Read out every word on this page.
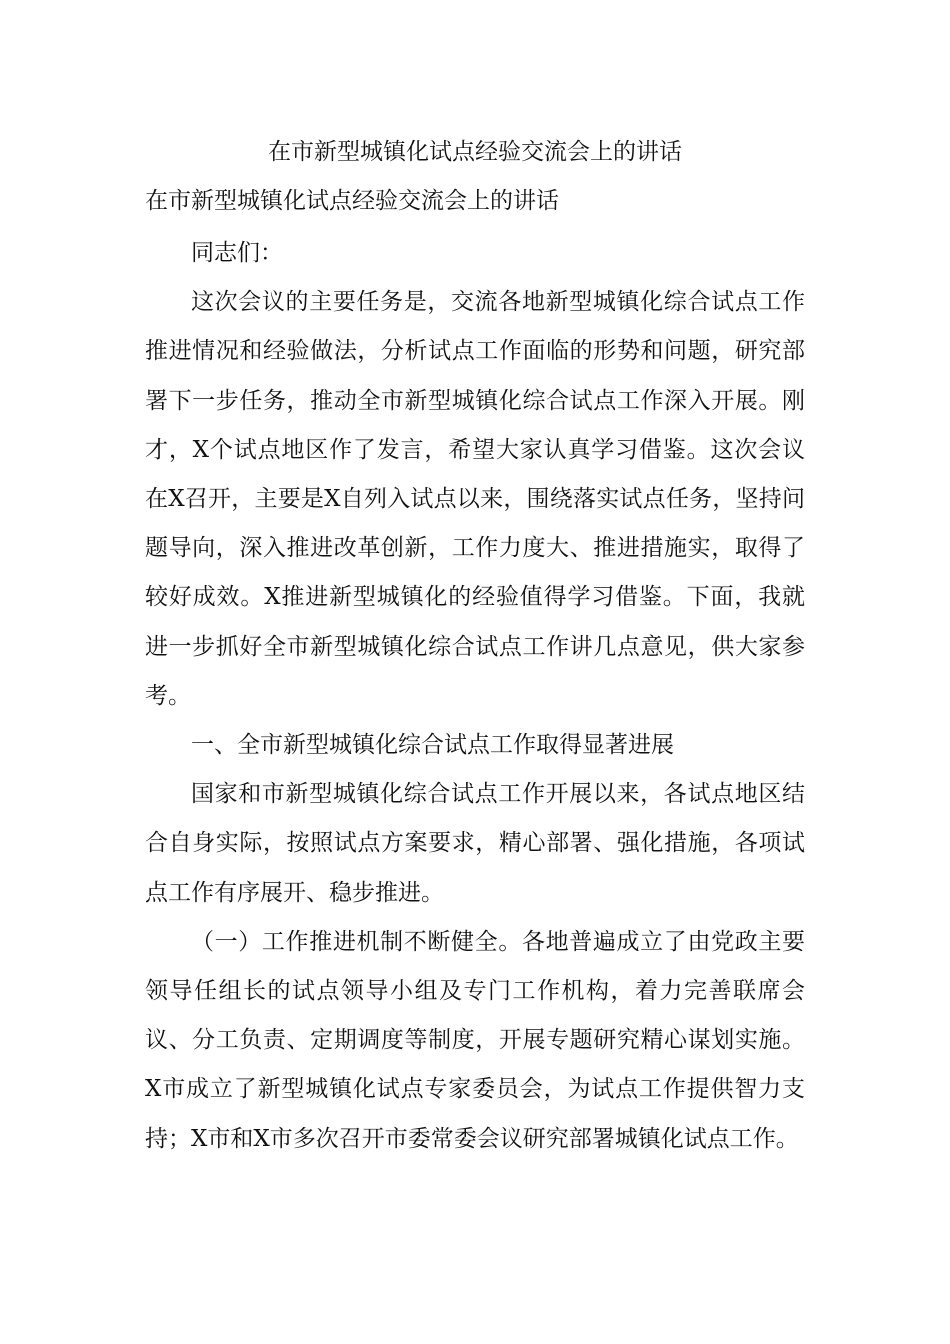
在市新型城镇化试点经验交流会上的讲话
在市新型城镇化试点经验交流会上的讲话

同志们：

这次会议的主要任务是，交流各地新型城镇化综合试点工作推进情况和经验做法，分析试点工作面临的形势和问题，研究部署下一步任务，推动全市新型城镇化综合试点工作深入开展。刚才，X个试点地区作了发言，希望大家认真学习借鉴。这次会议在X召开，主要是X自列入试点以来，围绕落实试点任务，坚持问题导向，深入推进改革创新，工作力度大、推进措施实，取得了较好成效。X推进新型城镇化的经验值得学习借鉴。下面，我就进一步抓好全市新型城镇化综合试点工作讲几点意见，供大家参考。

一、全市新型城镇化综合试点工作取得显著进展

国家和市新型城镇化综合试点工作开展以来，各试点地区结合自身实际，按照试点方案要求，精心部署、强化措施，各项试点工作有序展开、稳步推进。

（一）工作推进机制不断健全。各地普遍成立了由党政主要领导任组长的试点领导小组及专门工作机构，着力完善联席会议、分工负责、定期调度等制度，开展专题研究精心谋划实施。X市成立了新型城镇化试点专家委员会，为试点工作提供智力支持；X市和X市多次召开市委常委会议研究部署城镇化试点工作。
